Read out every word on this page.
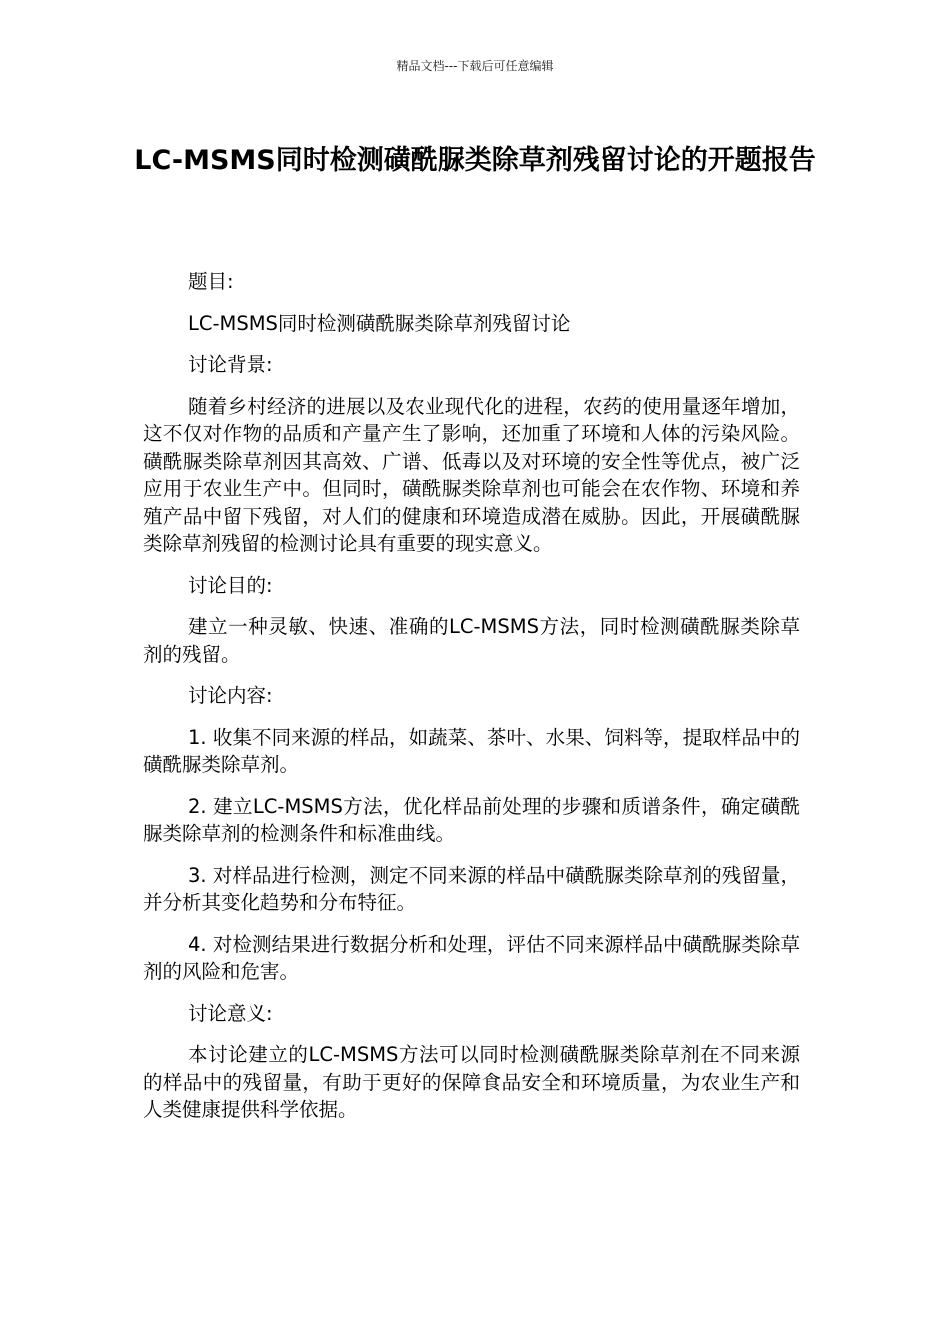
精品文档---下载后可任意编辑
LC-MSMS同时检测磺酰脲类除草剂残留讨论的开题报告

题目:

LC-MSMS同时检测磺酰脲类除草剂残留讨论

讨论背景:

随着乡村经济的进展以及农业现代化的进程，农药的使用量逐年增加，这不仅对作物的品质和产量产生了影响，还加重了环境和人体的污染风险。磺酰脲类除草剂因其高效、广谱、低毒以及对环境的安全性等优点，被广泛应用于农业生产中。但同时，磺酰脲类除草剂也可能会在农作物、环境和养殖产品中留下残留，对人们的健康和环境造成潜在威胁。因此，开展磺酰脲类除草剂残留的检测讨论具有重要的现实意义。

讨论目的:

建立一种灵敏、快速、准确的LC-MSMS方法，同时检测磺酰脲类除草剂的残留。

讨论内容:

1. 收集不同来源的样品，如蔬菜、茶叶、水果、饲料等，提取样品中的磺酰脲类除草剂。

2. 建立LC-MSMS方法，优化样品前处理的步骤和质谱条件，确定磺酰脲类除草剂的检测条件和标准曲线。

3. 对样品进行检测，测定不同来源的样品中磺酰脲类除草剂的残留量，并分析其变化趋势和分布特征。

4. 对检测结果进行数据分析和处理，评估不同来源样品中磺酰脲类除草剂的风险和危害。

讨论意义:

本讨论建立的LC-MSMS方法可以同时检测磺酰脲类除草剂在不同来源的样品中的残留量，有助于更好的保障食品安全和环境质量，为农业生产和人类健康提供科学依据。
